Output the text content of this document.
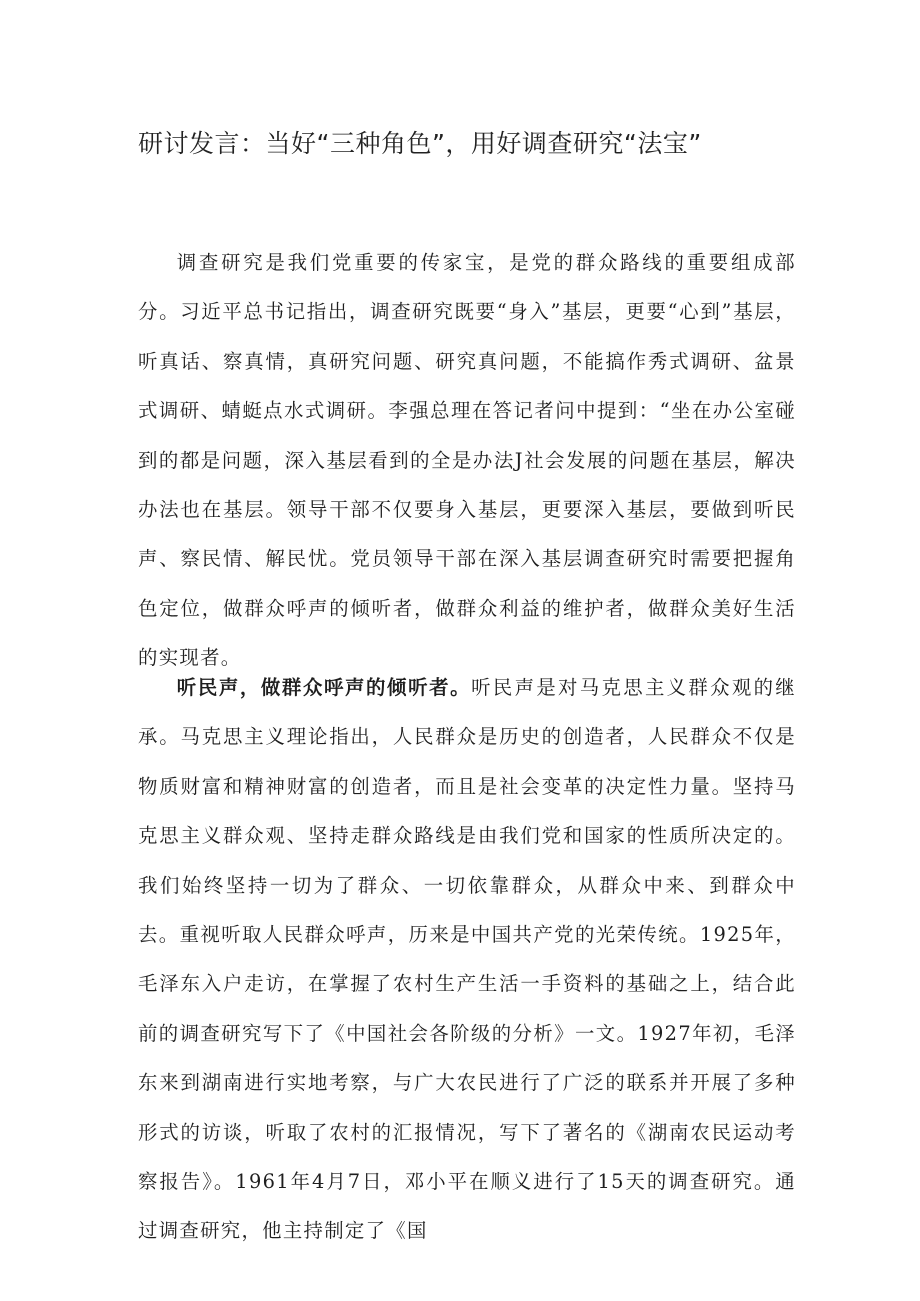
研讨发言：当好“三种角色”，用好调查研究“法宝”

调查研究是我们党重要的传家宝，是党的群众路线的重要组成部分。习近平总书记指出，调查研究既要“身入”基层，更要“心到”基层，听真话、察真情，真研究问题、研究真问题，不能搞作秀式调研、盆景式调研、蜻蜓点水式调研。李强总理在答记者问中提到：“坐在办公室碰到的都是问题，深入基层看到的全是办法J社会发展的问题在基层，解决办法也在基层。领导干部不仅要身入基层，更要深入基层，要做到听民声、察民情、解民忧。党员领导干部在深入基层调查研究时需要把握角色定位，做群众呼声的倾听者，做群众利益的维护者，做群众美好生活的实现者。

听民声，做群众呼声的倾听者。听民声是对马克思主义群众观的继承。马克思主义理论指出，人民群众是历史的创造者，人民群众不仅是物质财富和精神财富的创造者，而且是社会变革的决定性力量。坚持马克思主义群众观、坚持走群众路线是由我们党和国家的性质所决定的。我们始终坚持一切为了群众、一切依靠群众，从群众中来、到群众中去。重视听取人民群众呼声，历来是中国共产党的光荣传统。1925年，毛泽东入户走访，在掌握了农村生产生活一手资料的基础之上，结合此前的调查研究写下了《中国社会各阶级的分析》一文。1927年初，毛泽东来到湖南进行实地考察，与广大农民进行了广泛的联系并开展了多种形式的访谈，听取了农村的汇报情况，写下了著名的《湖南农民运动考察报告》。1961年4月7日，邓小平在顺义进行了15天的调查研究。通过调查研究，他主持制定了《国
